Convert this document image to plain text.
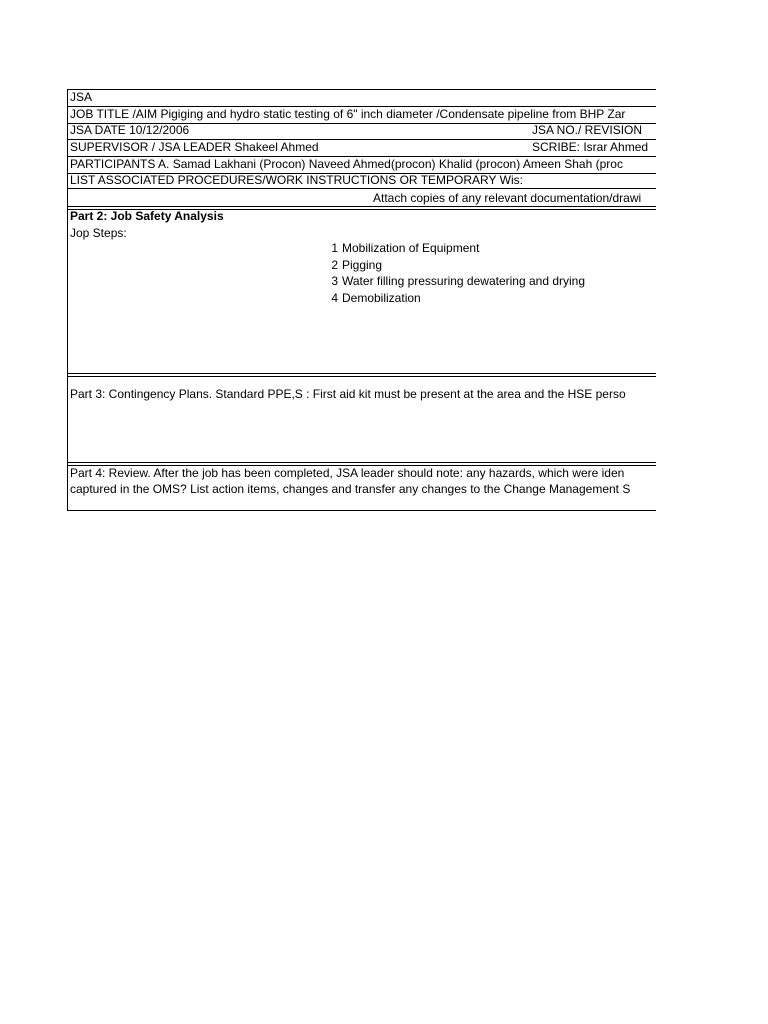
JSA
JOB TITLE /AIM Pigiging and hydro static testing of 6" inch diameter /Condensate pipeline from BHP Zar
JSA DATE 10/12/2006	JSA NO./ REVISION
SUPERVISOR / JSA LEADER Shakeel Ahmed	SCRIBE: Israr Ahmed
PARTICIPANTS A. Samad Lakhani (Procon) Naveed Ahmed(procon) Khalid (procon) Ameen Shah (proc
LIST ASSOCIATED PROCEDURES/WORK INSTRUCTIONS OR TEMPORARY Wis:
Attach copies of any relevant documentation/drawi
Part 2: Job Safety Analysis
Jop Steps:
1 Mobilization of Equipment
2 Pigging
3 Water filling pressuring dewatering and drying
4 Demobilization
Part 3: Contingency Plans. Standard PPE,S : First aid kit must be present at the area and the HSE perso
Part 4: Review. After the job has been completed, JSA leader should note: any hazards, which were iden
captured in the OMS? List action items, changes and transfer any changes to the Change Management S
